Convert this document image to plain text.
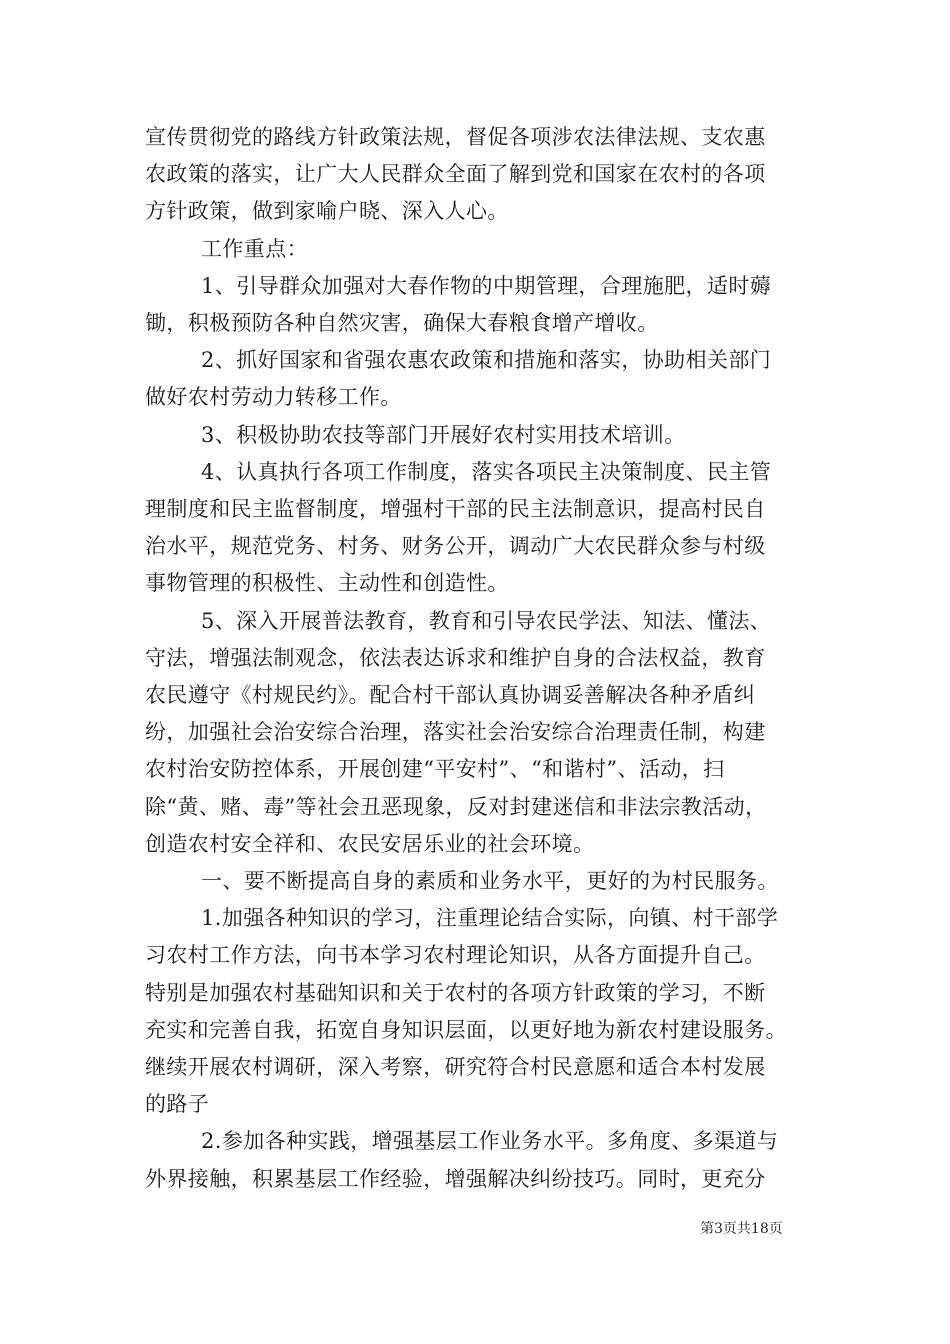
宣传贯彻党的路线方针政策法规，督促各项涉农法律法规、支农惠
农政策的落实，让广大人民群众全面了解到党和国家在农村的各项
方针政策，做到家喻户晓、深入人心。

工作重点：

1、引导群众加强对大春作物的中期管理，合理施肥，适时薅
锄，积极预防各种自然灾害，确保大春粮食增产增收。

2、抓好国家和省强农惠农政策和措施和落实，协助相关部门
做好农村劳动力转移工作。

3、积极协助农技等部门开展好农村实用技术培训。

4、认真执行各项工作制度，落实各项民主决策制度、民主管
理制度和民主监督制度，增强村干部的民主法制意识，提高村民自
治水平，规范党务、村务、财务公开，调动广大农民群众参与村级
事物管理的积极性、主动性和创造性。

5、深入开展普法教育，教育和引导农民学法、知法、懂法、
守法，增强法制观念，依法表达诉求和维护自身的合法权益，教育
农民遵守《村规民约》。配合村干部认真协调妥善解决各种矛盾纠
纷，加强社会治安综合治理，落实社会治安综合治理责任制，构建
农村治安防控体系，开展创建“平安村”、“和谐村”、活动，扫
除“黄、赌、毒”等社会丑恶现象，反对封建迷信和非法宗教活动，
创造农村安全祥和、农民安居乐业的社会环境。

一、要不断提高自身的素质和业务水平，更好的为村民服务。

1.加强各种知识的学习，注重理论结合实际，向镇、村干部学
习农村工作方法，向书本学习农村理论知识，从各方面提升自己。
特别是加强农村基础知识和关于农村的各项方针政策的学习，不断
充实和完善自我，拓宽自身知识层面，以更好地为新农村建设服务。
继续开展农村调研，深入考察，研究符合村民意愿和适合本村发展
的路子

2.参加各种实践，增强基层工作业务水平。多角度、多渠道与
外界接触，积累基层工作经验，增强解决纠纷技巧。同时，更充分

第3页共18页
